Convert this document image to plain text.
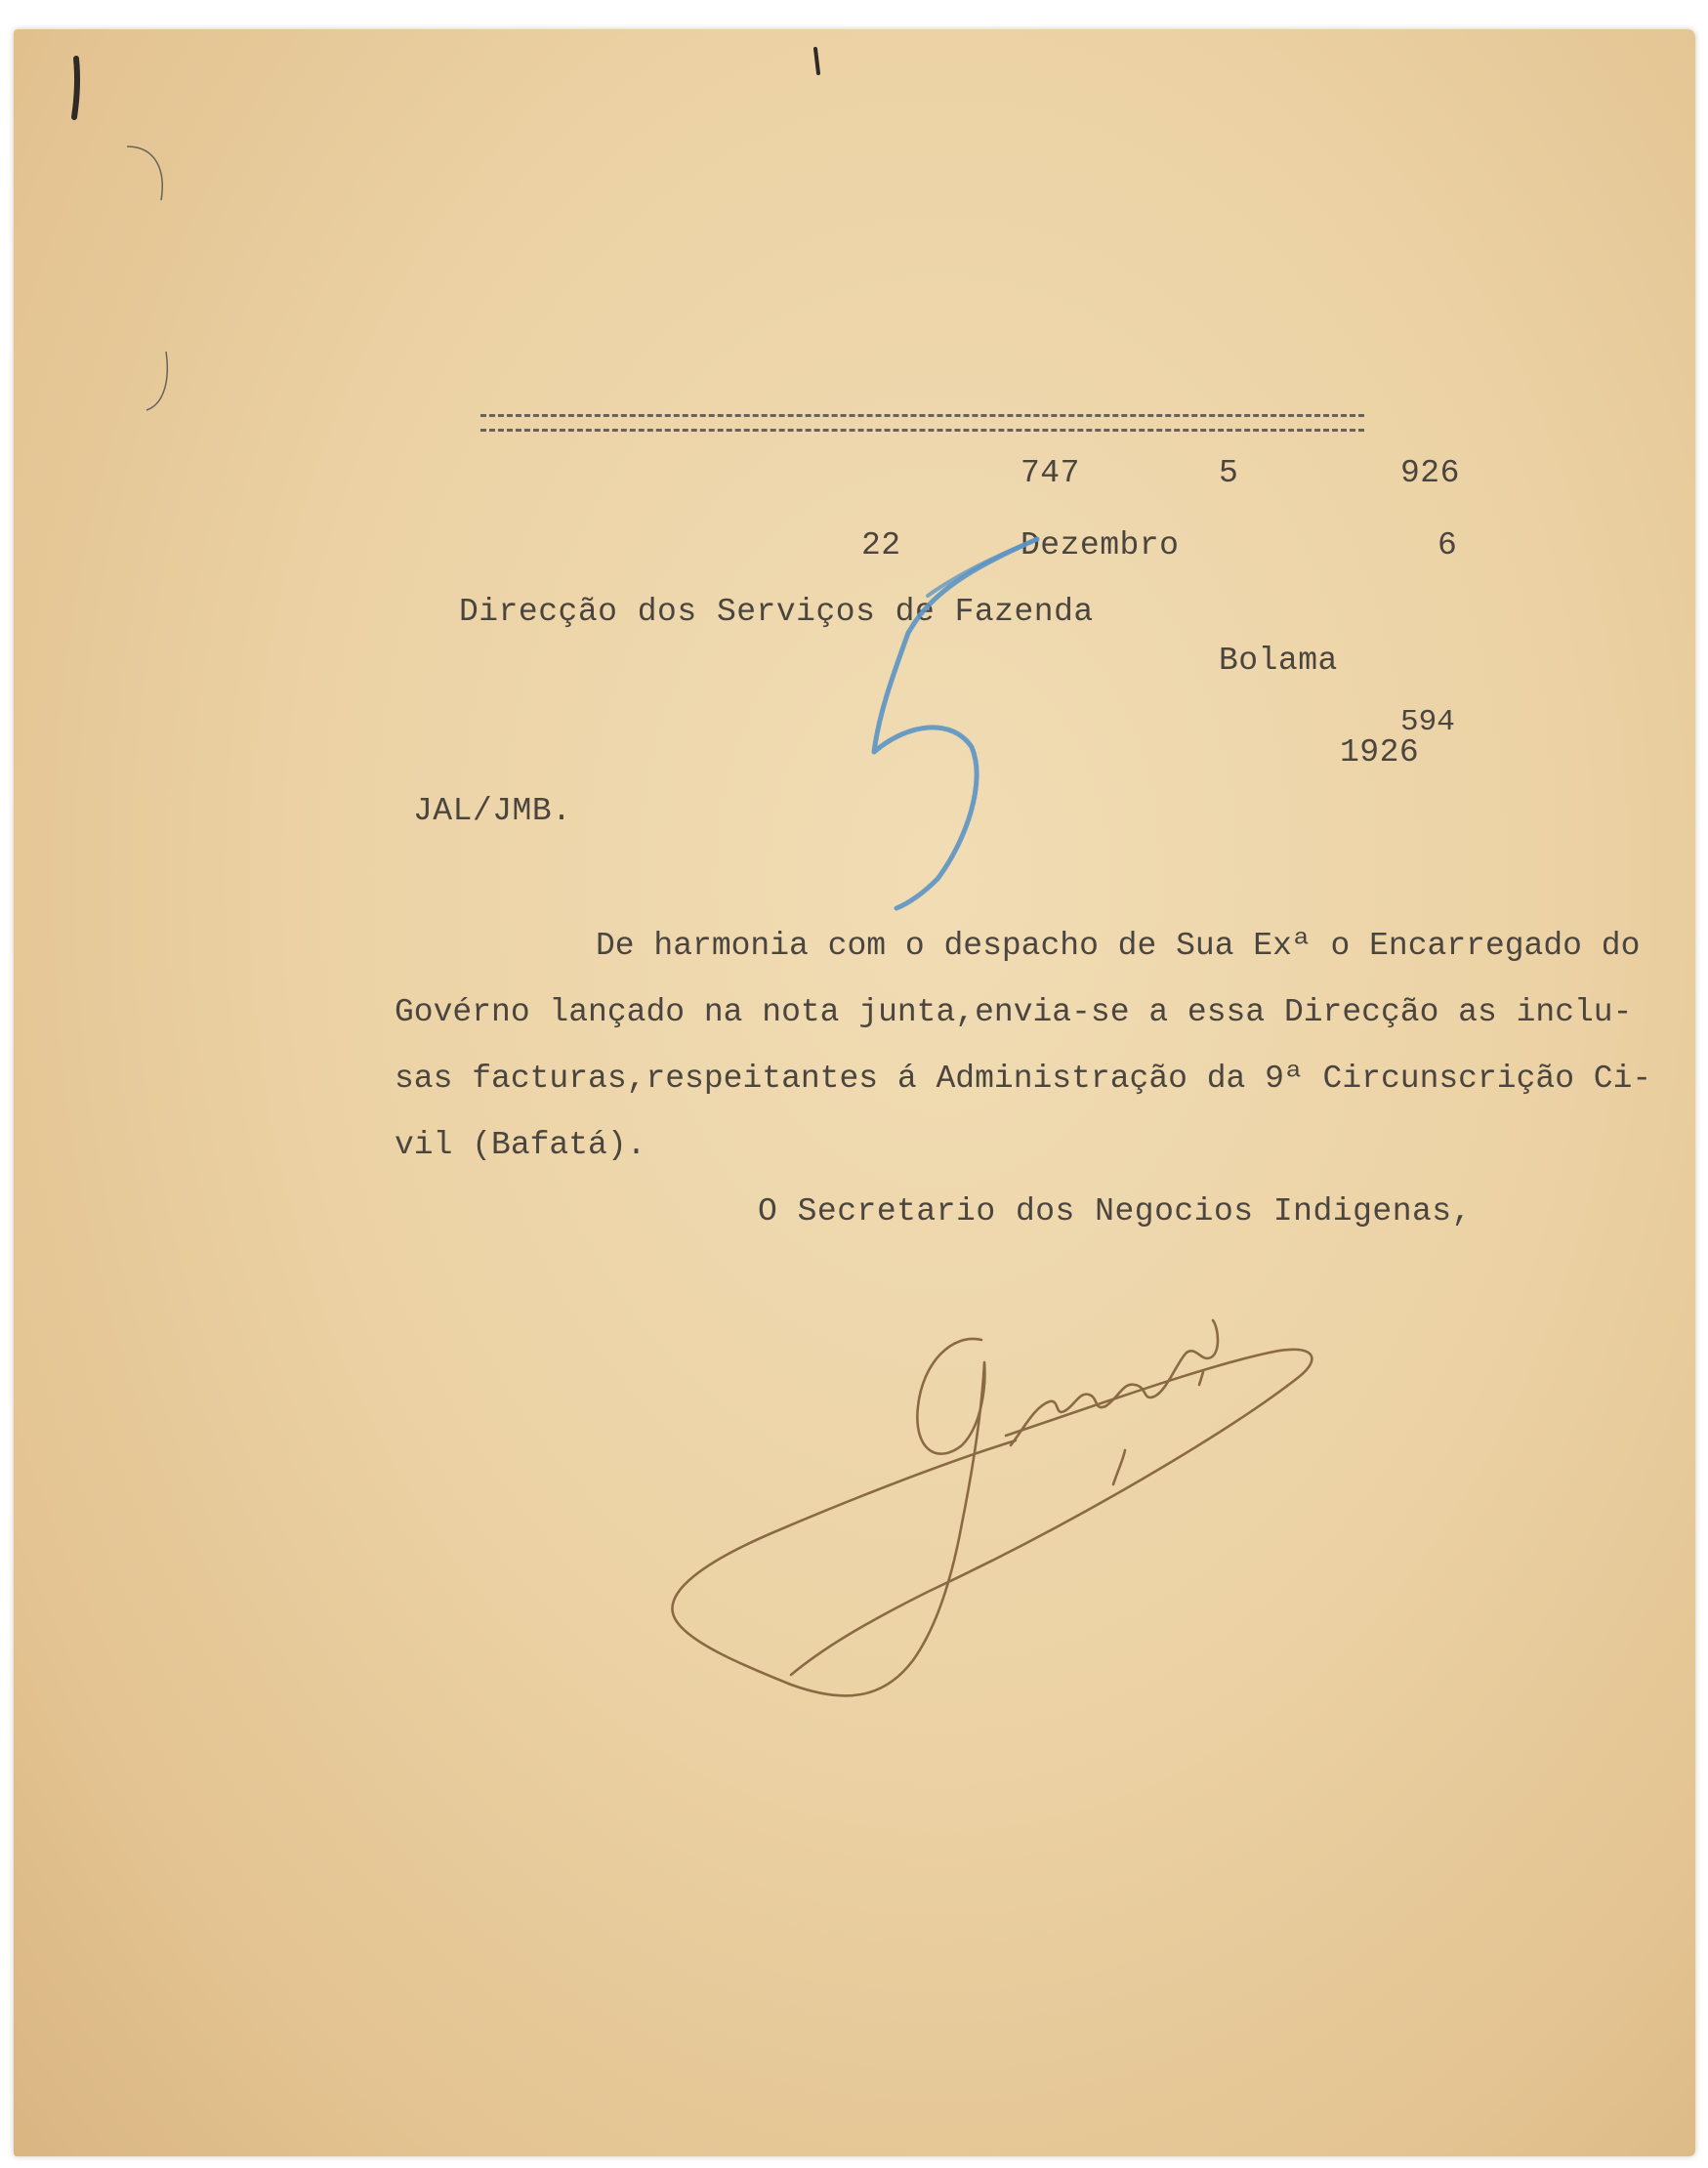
747	5	926
22	Dezembro	6
Direcção dos Serviços de Fazenda
Bolama
1926
594
JAL/JMB.
De harmonia com o despacho de Sua Exª o Encarregado do
Govérno lançado na nota junta,envia-se a essa Direcção as inclu-
sas facturas,respeitantes á Administração da 9ª Circunscrição Ci-
vil (Bafatá).
O Secretario dos Negocios Indigenas,
